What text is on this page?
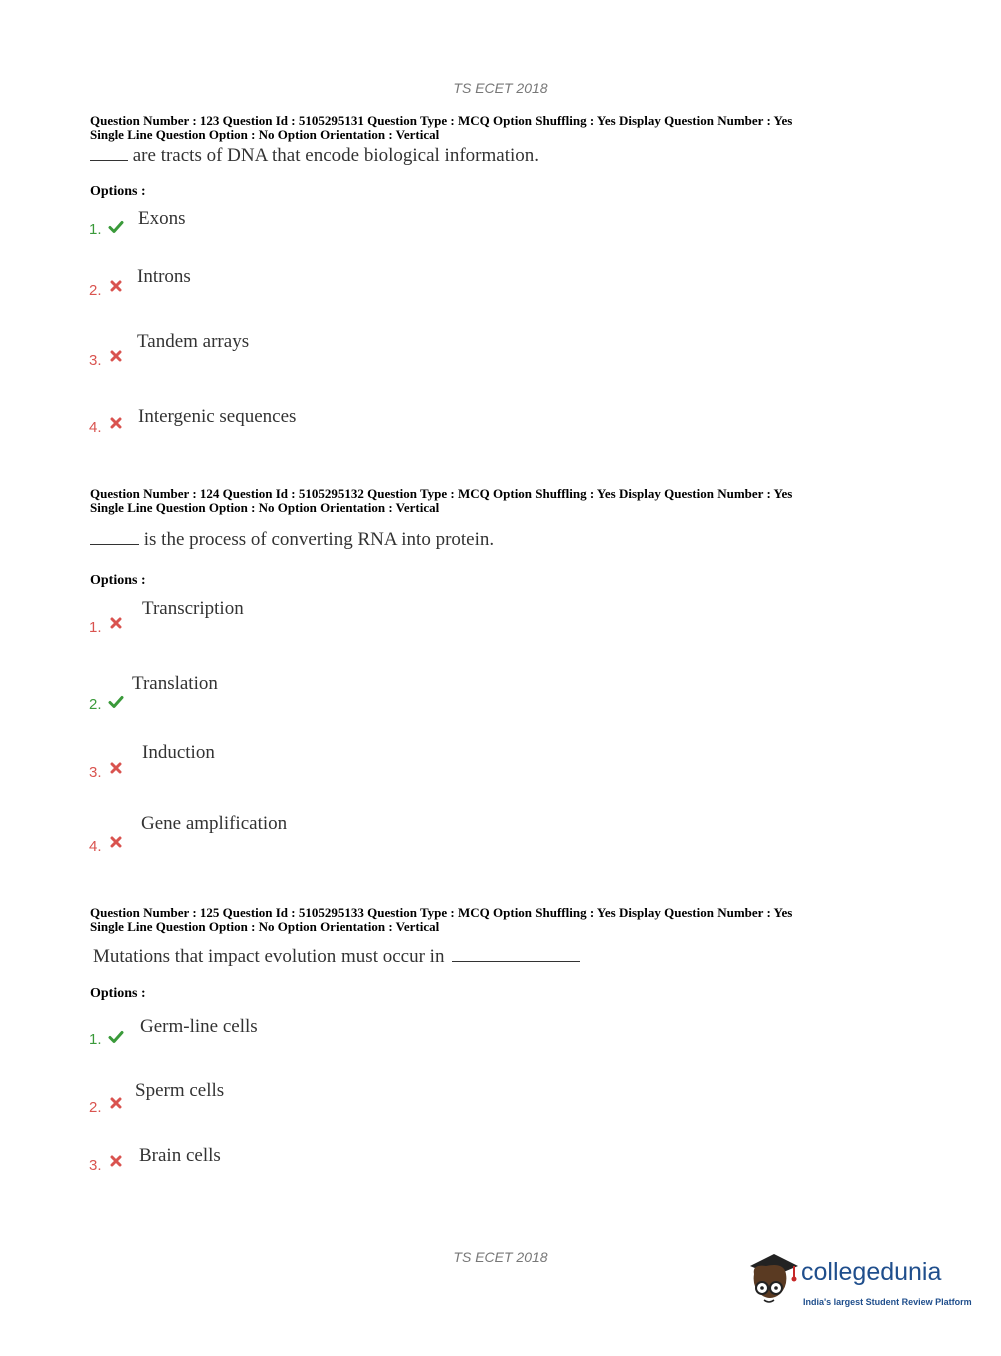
TS ECET 2018
Question Number : 123 Question Id : 5105295131 Question Type : MCQ Option Shuffling : Yes Display Question Number : Yes
Single Line Question Option : No Option Orientation : Vertical
are tracts of DNA that encode biological information.
Options :
1.
Exons
2.
Introns
3.
Tandem arrays
4.
Intergenic sequences
Question Number : 124 Question Id : 5105295132 Question Type : MCQ Option Shuffling : Yes Display Question Number : Yes
Single Line Question Option : No Option Orientation : Vertical
is the process of converting RNA into protein.
Options :
1.
Transcription
2.
Translation
3.
Induction
4.
Gene amplification
Question Number : 125 Question Id : 5105295133 Question Type : MCQ Option Shuffling : Yes Display Question Number : Yes
Single Line Question Option : No Option Orientation : Vertical
Mutations that impact evolution must occur in
Options :
1.
Germ-line cells
2.
Sperm cells
3. Brain cells
TS ECET 2018
collegedunia
India's largest Student Review Platform
